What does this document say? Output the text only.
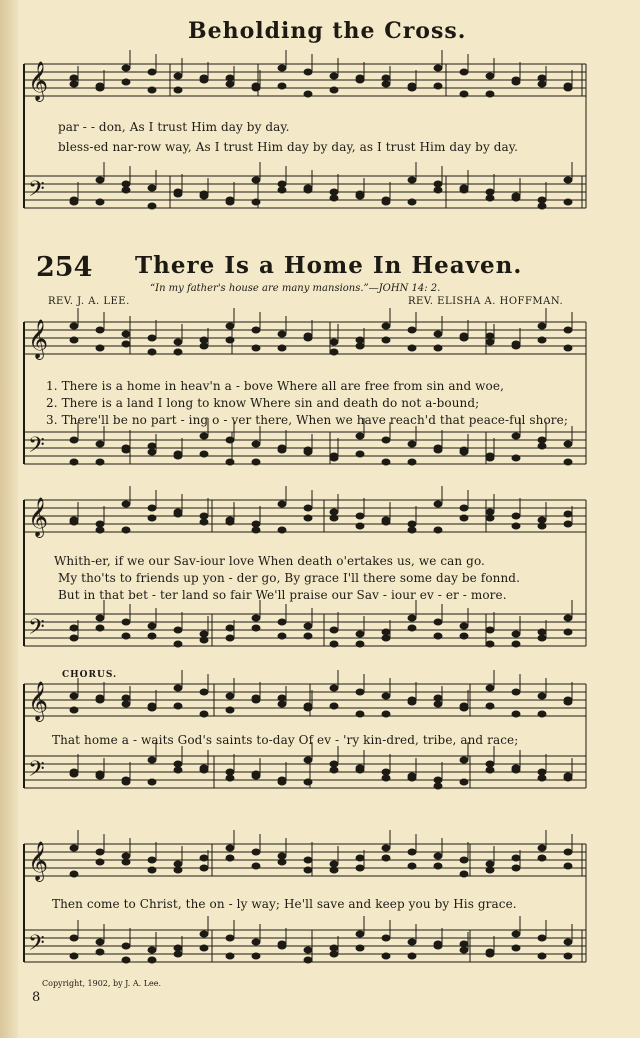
Beholding the Cross.
𝄞
𝄢
𝄞
𝄢
𝄞
𝄢
𝄞
𝄢
𝄞
𝄢
par - - don, As I trust Him day by day.
bless-ed nar-row way, As I trust Him day by day, as I trust Him day by day.
254 There Is a Home In Heaven.
“In my father's house are many mansions.”—JOHN 14: 2.
REV. J. A. LEE.	REV. ELISHA A. HOFFMAN.
1. There is a home in heav'n a - bove Where all are free from sin and woe,
2. There is a land I long to know Where sin and death do not a-bound;
3. There'll be no part - ing o - ver there, When we have reach'd that peace-ful shore;
Whith-er, if we our Sav-iour love When death o'ertakes us, we can go.
My tho'ts to friends up yon - der go, By grace I'll there some day be fonnd.
But in that bet - ter land so fair We'll praise our Sav - iour ev - er - more.
CHORUS.
That home a - waits God's saints to-day Of ev - 'ry kin-dred, tribe, and race;
Then come to Christ, the on - ly way; He'll save and keep you by His grace.
Copyright, 1902, by J. A. Lee.
8
